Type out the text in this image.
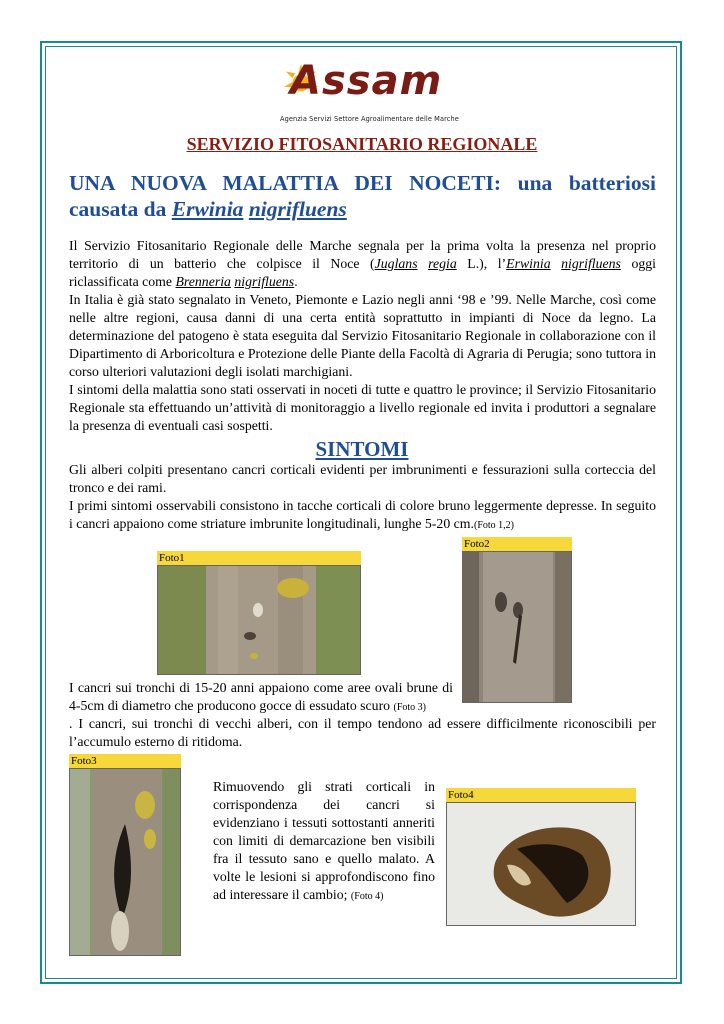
Assam
Agenzia Servizi Settore Agroalimentare delle Marche
SERVIZIO FITOSANITARIO REGIONALE
UNA NUOVA MALATTIA DEI NOCETI: una batteriosi
causata da Erwinia nigrifluens
Il Servizio Fitosanitario Regionale delle Marche segnala per la prima volta la presenza nel proprio
territorio di un batterio che colpisce il Noce (Juglans regia L.), l’Erwinia nigrifluens oggi
riclassificata come Brenneria nigrifluens.
In Italia è già stato segnalato in Veneto, Piemonte e Lazio negli anni ‘98 e ’99. Nelle Marche, così come nelle altre regioni, causa danni di una certa entità soprattutto in impianti di Noce da legno. La determinazione del patogeno è stata eseguita dal Servizio Fitosanitario Regionale in collaborazione con il Dipartimento di Arboricoltura e Protezione delle Piante della Facoltà di Agraria di Perugia; sono tuttora in corso ulteriori valutazioni degli isolati marchigiani.
I sintomi della malattia sono stati osservati in noceti di tutte e quattro le province; il Servizio Fitosanitario Regionale sta effettuando un’attività di monitoraggio a livello regionale ed invita i produttori a segnalare la presenza di eventuali casi sospetti.
SINTOMI
Gli alberi colpiti presentano cancri corticali evidenti per imbrunimenti e fessurazioni sulla corteccia del tronco e dei rami.
I primi sintomi osservabili consistono in tacche corticali di colore bruno leggermente depresse. In seguito i cancri appaiono come striature imbrunite longitudinali, lunghe 5-20 cm.(Foto 1,2)
Foto1
Foto2
I cancri sui tronchi di 15-20 anni appaiono come aree ovali brune di 4-5cm di diametro che producono gocce di essudato scuro (Foto 3)
. I cancri, sui tronchi di vecchi alberi, con il tempo tendono ad essere difficilmente riconoscibili per l’accumulo esterno di ritidoma.
Foto3
Rimuovendo gli strati corticali in corrispondenza dei cancri si evidenziano i tessuti sottostanti anneriti con limiti di demarcazione ben visibili fra il tessuto sano e quello malato. A volte le lesioni si approfondiscono fino ad interessare il cambio; (Foto 4)
Foto4
